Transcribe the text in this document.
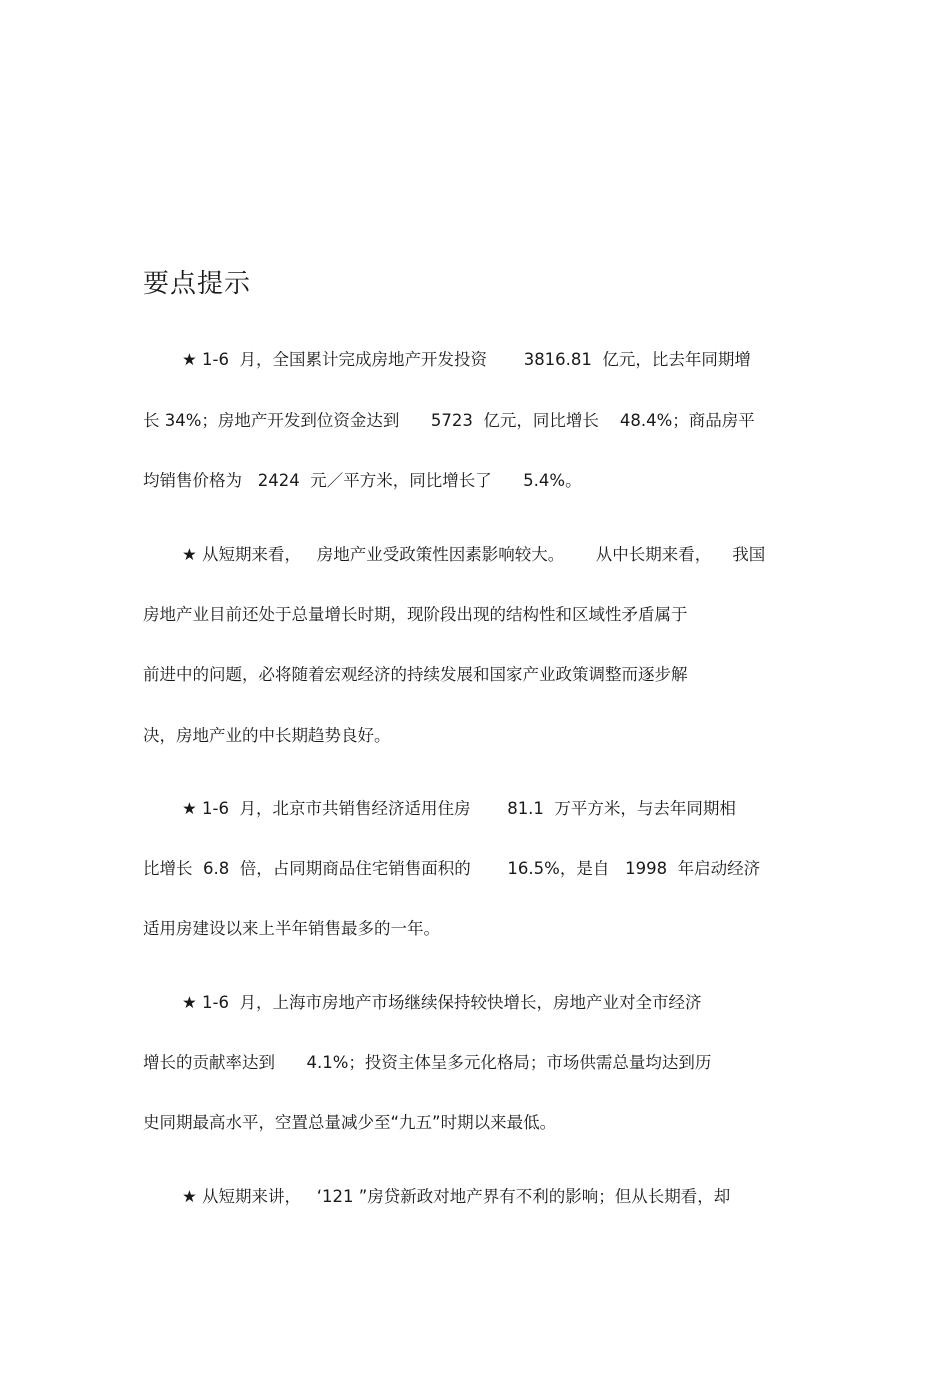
要点提示
★ 1-6  月，全国累计完成房地产开发投资       3816.81  亿元，比去年同期增
长 34%；房地产开发到位资金达到      5723  亿元，同比增长    48.4%；商品房平
均销售价格为   2424  元／平方米，同比增长了      5.4%。
★ 从短期来看，   房地产业受政策性因素影响较大。      从中长期来看，    我国
房地产业目前还处于总量增长时期，现阶段出现的结构性和区域性矛盾属于
前进中的问题，必将随着宏观经济的持续发展和国家产业政策调整而逐步解
决，房地产业的中长期趋势良好。
★ 1-6  月，北京市共销售经济适用住房       81.1  万平方米，与去年同期相
比增长  6.8  倍，占同期商品住宅销售面积的       16.5%，是自   1998  年启动经济
适用房建设以来上半年销售最多的一年。
★ 1-6  月，上海市房地产市场继续保持较快增长，房地产业对全市经济
增长的贡献率达到      4.1%；投资主体呈多元化格局；市场供需总量均达到历
史同期最高水平，空置总量减少至“九五”时期以来最低。
★ 从短期来讲，   ‘121 ”房贷新政对地产界有不利的影响；但从长期看，却
